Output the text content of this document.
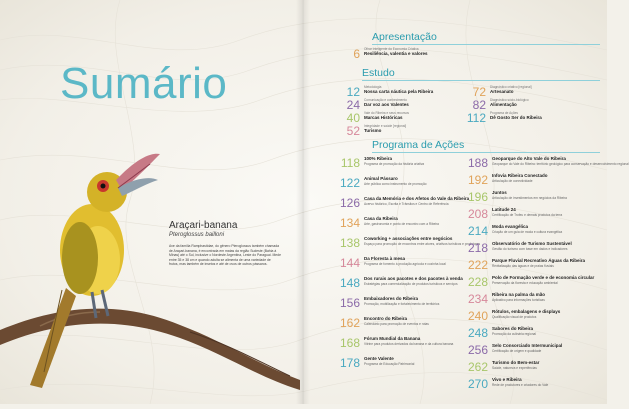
Sumário
Araçari-banana
Pteroglossus bailloni
Ave da família Ramphastidae, do gênero Pteroglossus também chamada de Araçari-banana, é encontrada em matas da região Sudeste (Bahia à Minas) até o Sul, inclusive o Nordeste Argentina, Leste do Paraguai. Mede entre 35 e 38 cm e quando adulta se alimenta de uma variedade de frutos, mas também de insetos e até de ovos de outros pássaros.
Apresentação
6 Olhar Inteligente da Economia Criativa
Resiliência, valentia e valores
Estudo
12 Metodologia
Nossa carta náutica pela Ribeira
24 Comunicação e conhecimento
Dar voz aos Valentes
40 Vale do Ribeira e seus recursos
Marcas Históricas
52 Integridade e saúde [regional]
Turismo
72 Diagnóstico criativo [regional]
Artesanato
82 Diagnóstico sócio-biológico
Alimentação
112 Programa de Ações
Dê Gosto Ser do Ribeira
Programa de Ações
118 100% Ribeira
Programa de promoção da história criativa
122 Animal Pássaro
Arte pública como instrumento de promoção
126 Casa da Memória e dos Afetos do Vale da Ribeira
Acervo histórico, Escrita e Trânsitos e Centro de Referência
134 Casa da Ribeira
Arte, gastronomia e ponto de encontro com a Ribeira
138 Coworking + associações entre negócios
Espaço para promoção de encontros entre atores, criativos turísticos e produtores
144 Da Floresta à mesa
Programa de fomento à produção agrícola e cozinha local
148 Dos rurais aos pacotes e dos pacotes à venda
Estratégias para comercialização de produtos turísticos e serviços
156 Embaixadores do Ribeira
Promoção, mobilização e fortalecimento de territórios
162 Encontro do Ribeira
Calendário para promoção de eventos e rotas
168 Fórum Mundial da Banana
Vitrine para produtos derivados da banana e da cultura banana
178 Gente Valente
Programa de Educação Patrimonial
188 Geoparque do Alto Vale do Ribeira
Geoparque do Vale do Ribeira: território geológico para conservação e desenvolvimento regional
192 Infovia Ribeira Conectado
Articulação de conectividade
196 Juntos
Articulação de investimentos em negócios da Ribeira
208 Latitude 24
Certificação de Trofeu e demais produtos da terra
214 Moda evangélica
Criação de um guia de moda e cultura evangélica
218 Observatório de Turismo Sustentável
Gestão do turismo com base em dados e indicadores
222 Parque Fluvial Recreativo Águas da Ribeira
Revitalização das águas e de praias fluviais
228 Polo de Formação verde e de economia circular
Preservação da floresta e educação ambiental
234 Ribeira na palma da mão
Aplicativo para informações turísticas
240 Rótulos, embalagens e displays
Qualificação visual de produtos
248 Sabores do Ribeira
Promoção da culinária regional
256 Selo Consorciado Intermunicipal
Certificação de origem e qualidade
262 Turismo do Bem-estar
Saúde, natureza e experiências
270 Vivo e Ribeira
Rede de produtores e criadores do Vale
